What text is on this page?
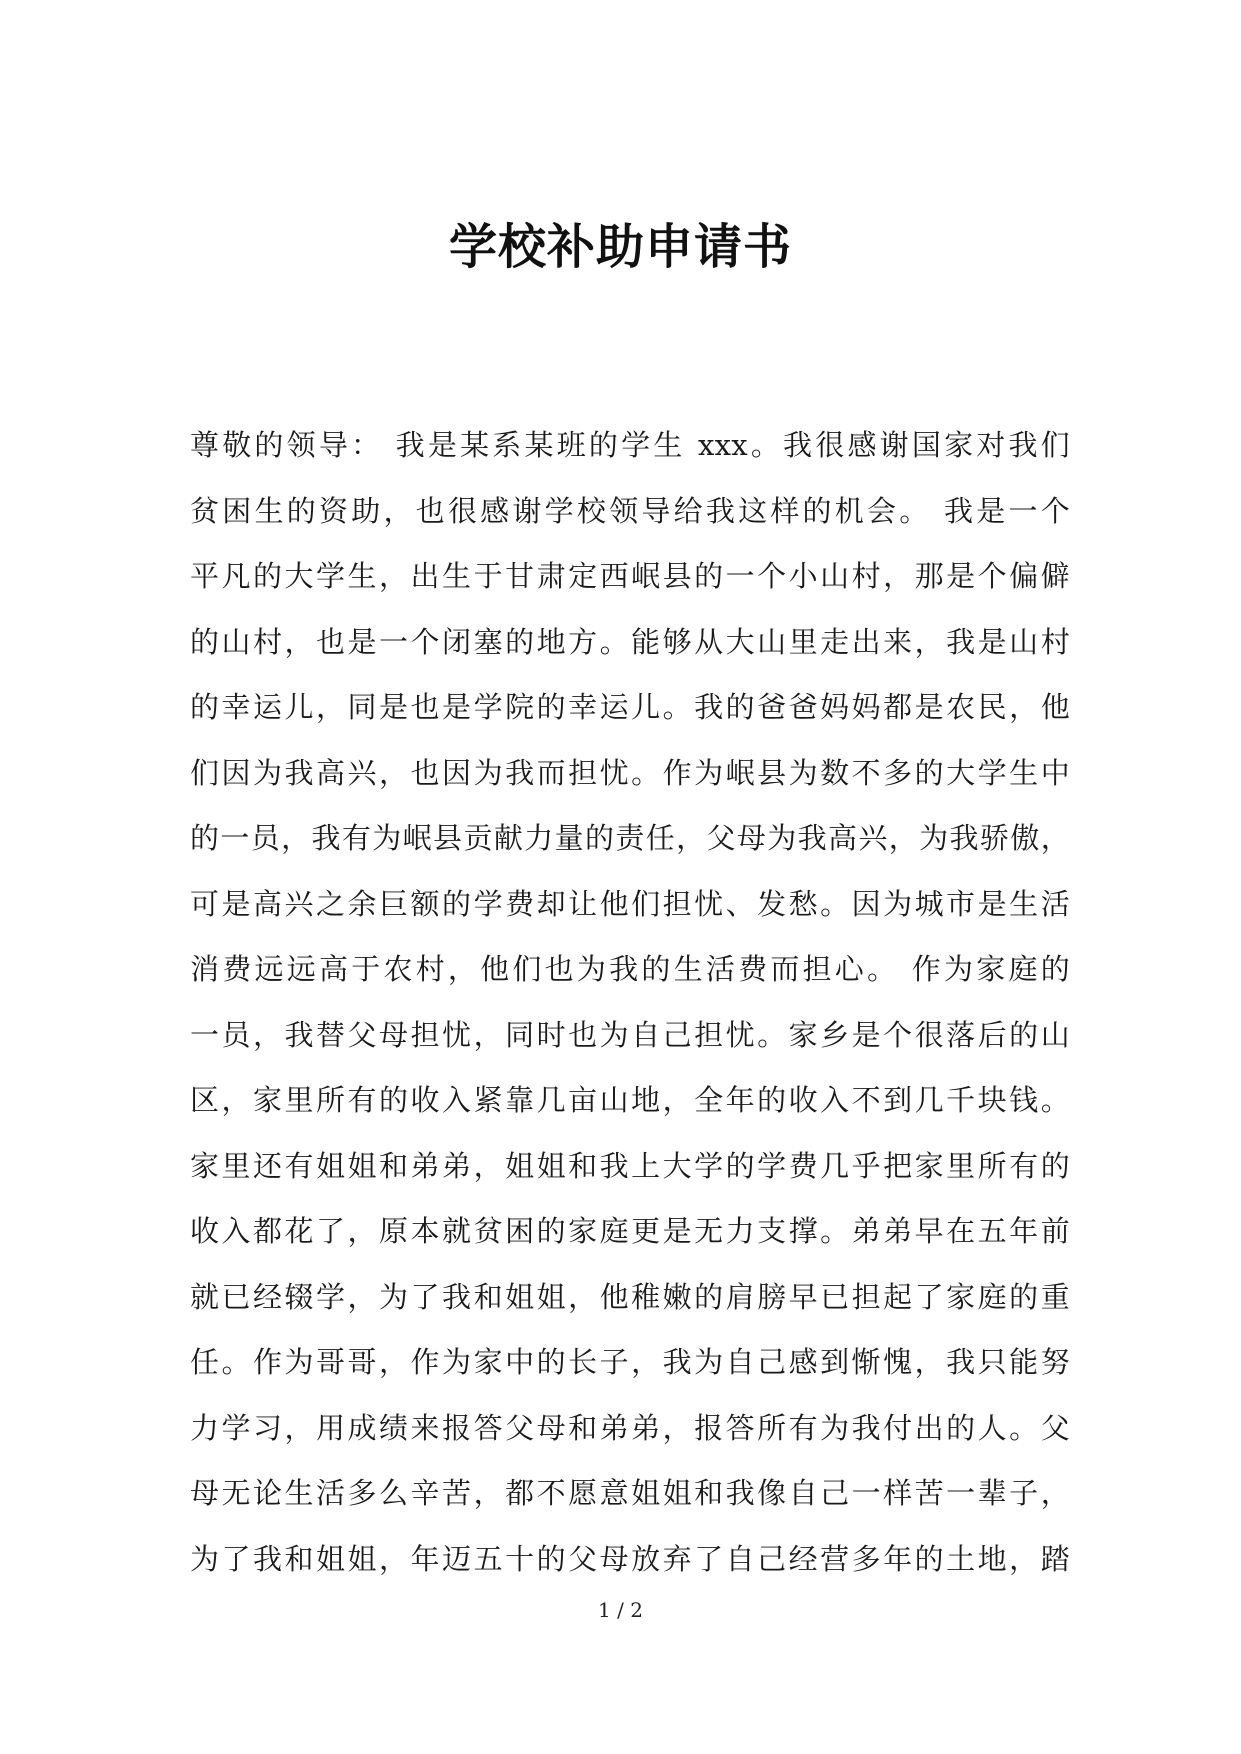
学校补助申请书
尊敬的领导： 我是某系某班的学生 xxx。我很感谢国家对我们
贫困生的资助，也很感谢学校领导给我这样的机会。 我是一个
平凡的大学生，出生于甘肃定西岷县的一个小山村，那是个偏僻
的山村，也是一个闭塞的地方。能够从大山里走出来，我是山村
的幸运儿，同是也是学院的幸运儿。我的爸爸妈妈都是农民，他
们因为我高兴，也因为我而担忧。作为岷县为数不多的大学生中
的一员，我有为岷县贡献力量的责任，父母为我高兴，为我骄傲，
可是高兴之余巨额的学费却让他们担忧、发愁。因为城市是生活
消费远远高于农村，他们也为我的生活费而担心。 作为家庭的
一员，我替父母担忧，同时也为自己担忧。家乡是个很落后的山
区，家里所有的收入紧靠几亩山地，全年的收入不到几千块钱。
家里还有姐姐和弟弟，姐姐和我上大学的学费几乎把家里所有的
收入都花了，原本就贫困的家庭更是无力支撑。弟弟早在五年前
就已经辍学，为了我和姐姐，他稚嫩的肩膀早已担起了家庭的重
任。作为哥哥，作为家中的长子，我为自己感到惭愧，我只能努
力学习，用成绩来报答父母和弟弟，报答所有为我付出的人。父
母无论生活多么辛苦，都不愿意姐姐和我像自己一样苦一辈子，
为了我和姐姐，年迈五十的父母放弃了自己经营多年的土地，踏
1 / 2
